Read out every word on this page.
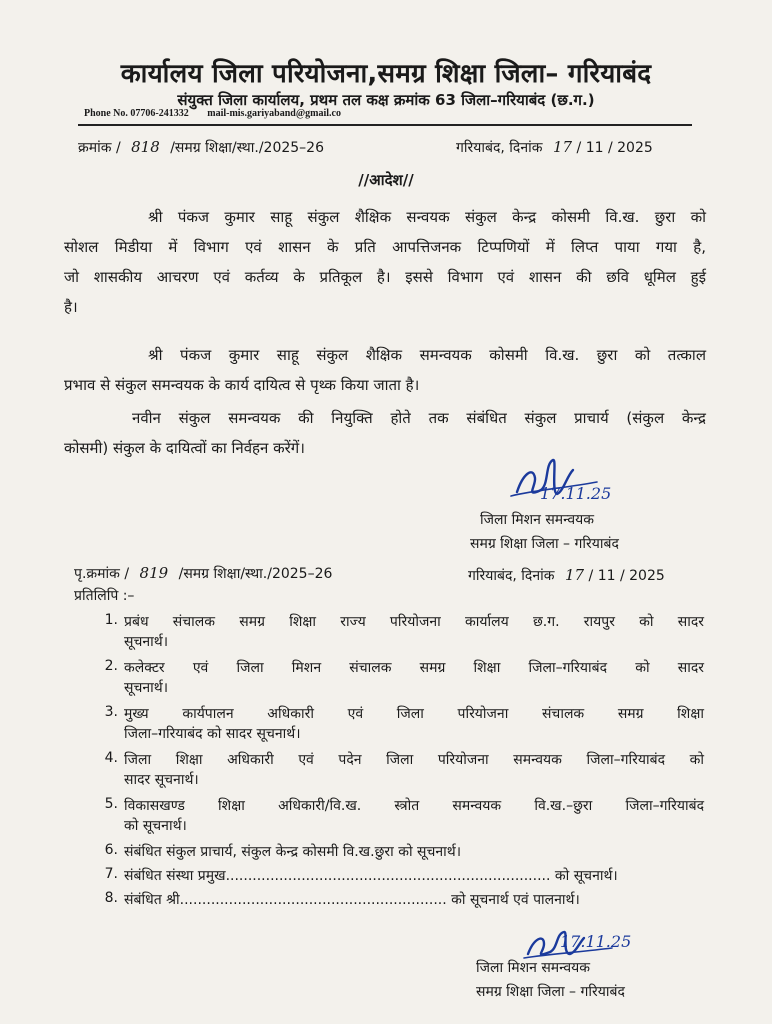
कार्यालय जिला परियोजना,समग्र शिक्षा जिला– गरियाबंद
संयुक्त जिला कार्यालय, प्रथम तल कक्ष क्रमांक 63 जिला–गरियाबंद (छ.ग.)
Phone No. 07706-241332 mail-mis.gariyaband@gmail.co
क्रमांक / 818 /समग्र शिक्षा/स्था./2025–26	गरियाबंद, दिनांक 17 / 11 / 2025
//आदेश//
श्री पंकज कुमार साहू संकुल शैक्षिक सन्वयक संकुल केन्द्र कोसमी वि.ख. छुरा को
सोशल मिडीया में विभाग एवं शासन के प्रति आपत्तिजनक टिप्पणियों में लिप्त पाया गया है,
जो शासकीय आचरण एवं कर्तव्य के प्रतिकूल है। इससे विभाग एवं शासन की छवि धूमिल हुई
है।
श्री पंकज कुमार साहू संकुल शैक्षिक समन्वयक कोसमी वि.ख. छुरा को तत्काल
प्रभाव से संकुल समन्वयक के कार्य दायित्व से पृथ्क किया जाता है।
नवीन संकुल समन्वयक की नियुक्ति होते तक संबंधित संकुल प्राचार्य (संकुल केन्द्र
कोसमी) संकुल के दायित्वों का निर्वहन करेंगें।
17.11.25
जिला मिशन समन्वयक
समग्र शिक्षा जिला – गरियाबंद
पृ.क्रमांक / 819 /समग्र शिक्षा/स्था./2025–26	गरियाबंद, दिनांक 17 / 11 / 2025
प्रतिलिपि :–
1. प्रबंध संचालक समग्र शिक्षा राज्य परियोजना कार्यालय छ.ग. रायपुर को सादर
सूचनार्थ।
2. कलेक्टर एवं जिला मिशन संचालक समग्र शिक्षा जिला–गरियाबंद को सादर
सूचनार्थ।
3. मुख्य कार्यपालन अधिकारी एवं जिला परियोजना संचालक समग्र शिक्षा
जिला–गरियाबंद को सादर सूचनार्थ।
4. जिला शिक्षा अधिकारी एवं पदेन जिला परियोजना समन्वयक जिला–गरियाबंद को
सादर सूचनार्थ।
5. विकासखण्ड शिक्षा अधिकारी/वि.ख. स्त्रोत समन्वयक वि.ख.–छुरा जिला–गरियाबंद
को सूचनार्थ।
6. संबंधित संकुल प्राचार्य, संकुल केन्द्र कोसमी वि.ख.छुरा को सूचनार्थ।
7. संबंधित संस्था प्रमुख......................................................................... को सूचनार्थ।
8. संबंधित श्री............................................................ को सूचनार्थ एवं पालनार्थ।
17.11.25
जिला मिशन समन्वयक
समग्र शिक्षा जिला – गरियाबंद
